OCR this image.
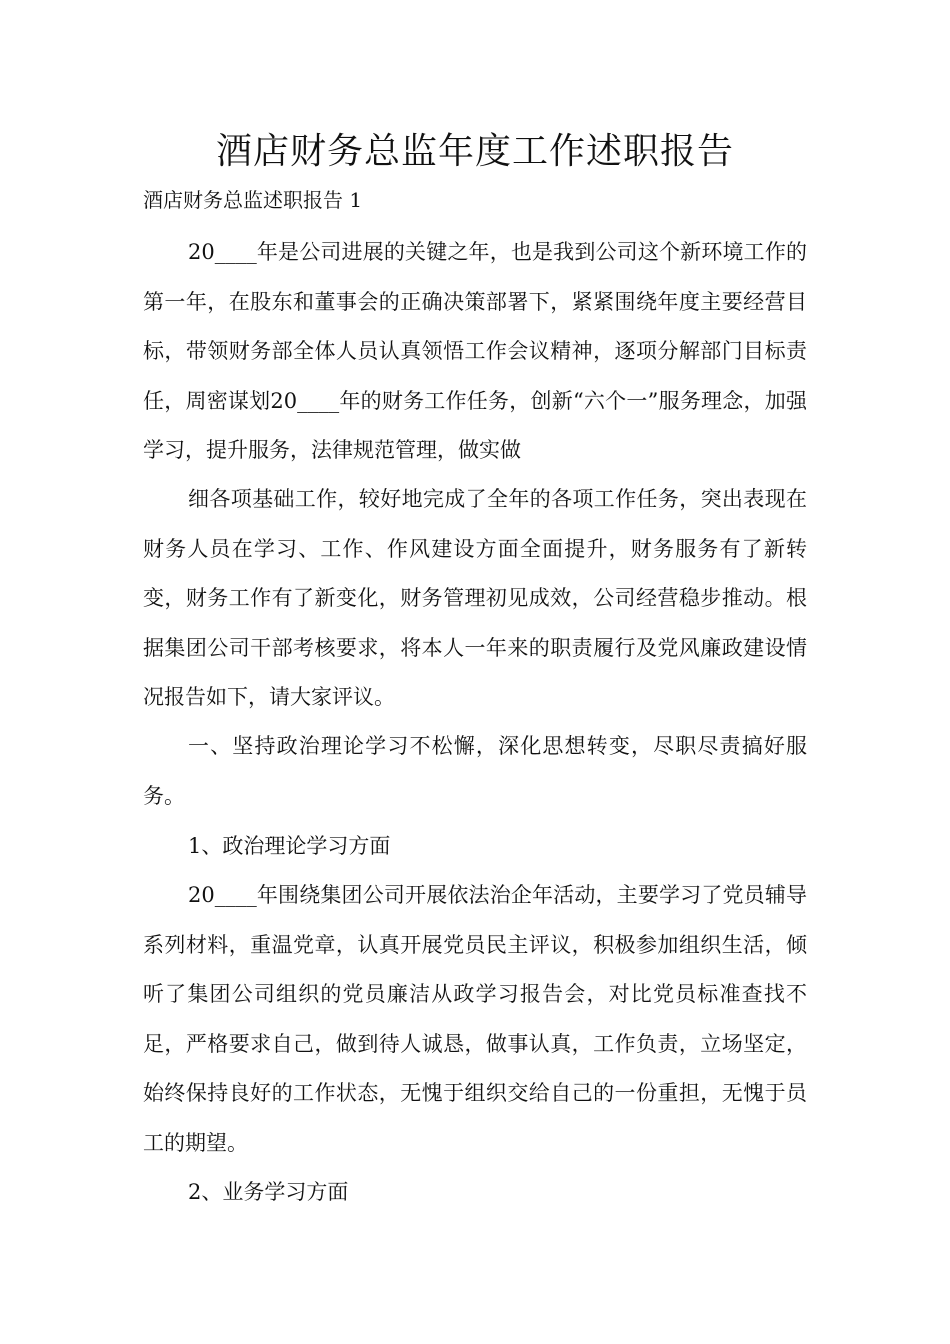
酒店财务总监年度工作述职报告

酒店财务总监述职报告 1

20____年是公司进展的关键之年，也是我到公司这个新环境工作的第一年，在股东和董事会的正确决策部署下，紧紧围绕年度主要经营目标，带领财务部全体人员认真领悟工作会议精神，逐项分解部门目标责任，周密谋划20____年的财务工作任务，创新“六个一”服务理念，加强学习，提升服务，法律规范管理，做实做

细各项基础工作，较好地完成了全年的各项工作任务，突出表现在财务人员在学习、工作、作风建设方面全面提升，财务服务有了新转变，财务工作有了新变化，财务管理初见成效，公司经营稳步推动。根据集团公司干部考核要求，将本人一年来的职责履行及党风廉政建设情况报告如下，请大家评议。

一、坚持政治理论学习不松懈，深化思想转变，尽职尽责搞好服务。

1、政治理论学习方面

20____年围绕集团公司开展依法治企年活动，主要学习了党员辅导系列材料，重温党章，认真开展党员民主评议，积极参加组织生活，倾听了集团公司组织的党员廉洁从政学习报告会，对比党员标准查找不足，严格要求自己，做到待人诚恳，做事认真，工作负责，立场坚定，始终保持良好的工作状态，无愧于组织交给自己的一份重担，无愧于员工的期望。

2、业务学习方面
